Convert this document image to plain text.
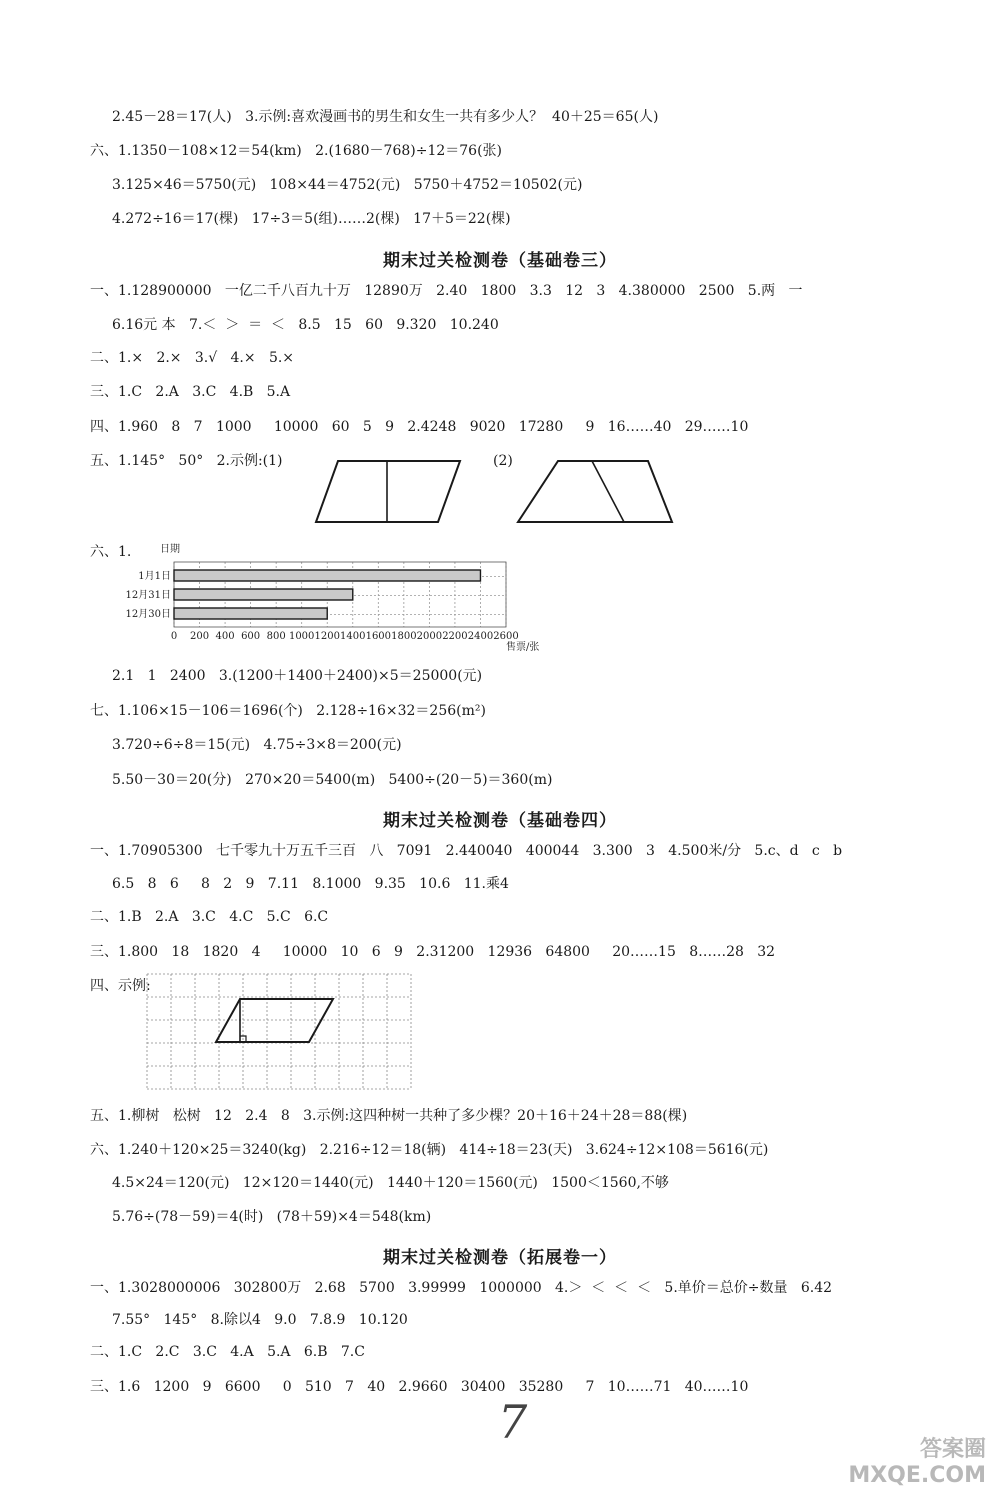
2.45－28＝17(人)   3.示例:喜欢漫画书的男生和女生一共有多少人？  40＋25＝65(人)
六、1.1350－108×12＝54(km)   2.(1680－768)÷12＝76(张)
3.125×46＝5750(元)   108×44＝4752(元)   5750＋4752＝10502(元)
4.272÷16＝17(棵)   17÷3＝5(组)……2(棵)   17＋5＝22(棵)
期末过关检测卷（基础卷三）
一、1.128900000   一亿二千八百九十万   12890万   2.40   1800   3.3   12   3   4.380000   2500   5.两   一
6.16元 本   7.＜  ＞  ＝  ＜   8.5   15   60   9.320   10.240
二、1.×   2.×   3.√   4.×   5.×
三、1.C   2.A   3.C   4.B   5.A
四、1.960   8   7   1000     10000   60   5   9   2.4248   9020   17280     9   16……40   29……10
五、1.145°   50°   2.示例:(1)	(2)
六、1.	日期
1月1日
12月31日
12月30日
0 200 400 600 800 1000 1200 1400 1600 1800 2000 2200 2400 2600
售票/张
2.1   1   2400   3.(1200＋1400＋2400)×5＝25000(元)
七、1.106×15－106＝1696(个)   2.128÷16×32＝256(m²)
3.720÷6÷8＝15(元)   4.75÷3×8＝200(元)
5.50－30＝20(分)   270×20＝5400(m)   5400÷(20－5)＝360(m)
期末过关检测卷（基础卷四）
一、1.70905300   七千零九十万五千三百   八   7091   2.440040   400044   3.300   3   4.500米/分   5.c、d   c   b
6.5   8   6     8   2   9   7.11   8.1000   9.35   10.6   11.乘4
二、1.B   2.A   3.C   4.C   5.C   6.C
三、1.800   18   1820   4     10000   10   6   9   2.31200   12936   64800     20……15   8……28   32
四、示例:
五、1.柳树   松树   12   2.4   8   3.示例:这四种树一共种了多少棵？20＋16＋24＋28＝88(棵)
六、1.240＋120×25＝3240(kg)   2.216÷12＝18(辆)   414÷18＝23(天)   3.624÷12×108＝5616(元)
4.5×24＝120(元)   12×120＝1440(元)   1440＋120＝1560(元)   1500＜1560,不够
5.76÷(78－59)＝4(时)   (78＋59)×4＝548(km)
期末过关检测卷（拓展卷一）
一、1.3028000006   302800万   2.68   5700   3.99999   1000000   4.＞  ＜  ＜  ＜   5.单价＝总价÷数量   6.42
7.55°   145°   8.除以4   9.0   7.8.9   10.120
二、1.C   2.C   3.C   4.A   5.A   6.B   7.C
三、1.6   1200   9   6600     0   510   7   40   2.9660   30400   35280     7   10……71   40……10
7
答案圈
MXQE.COM
